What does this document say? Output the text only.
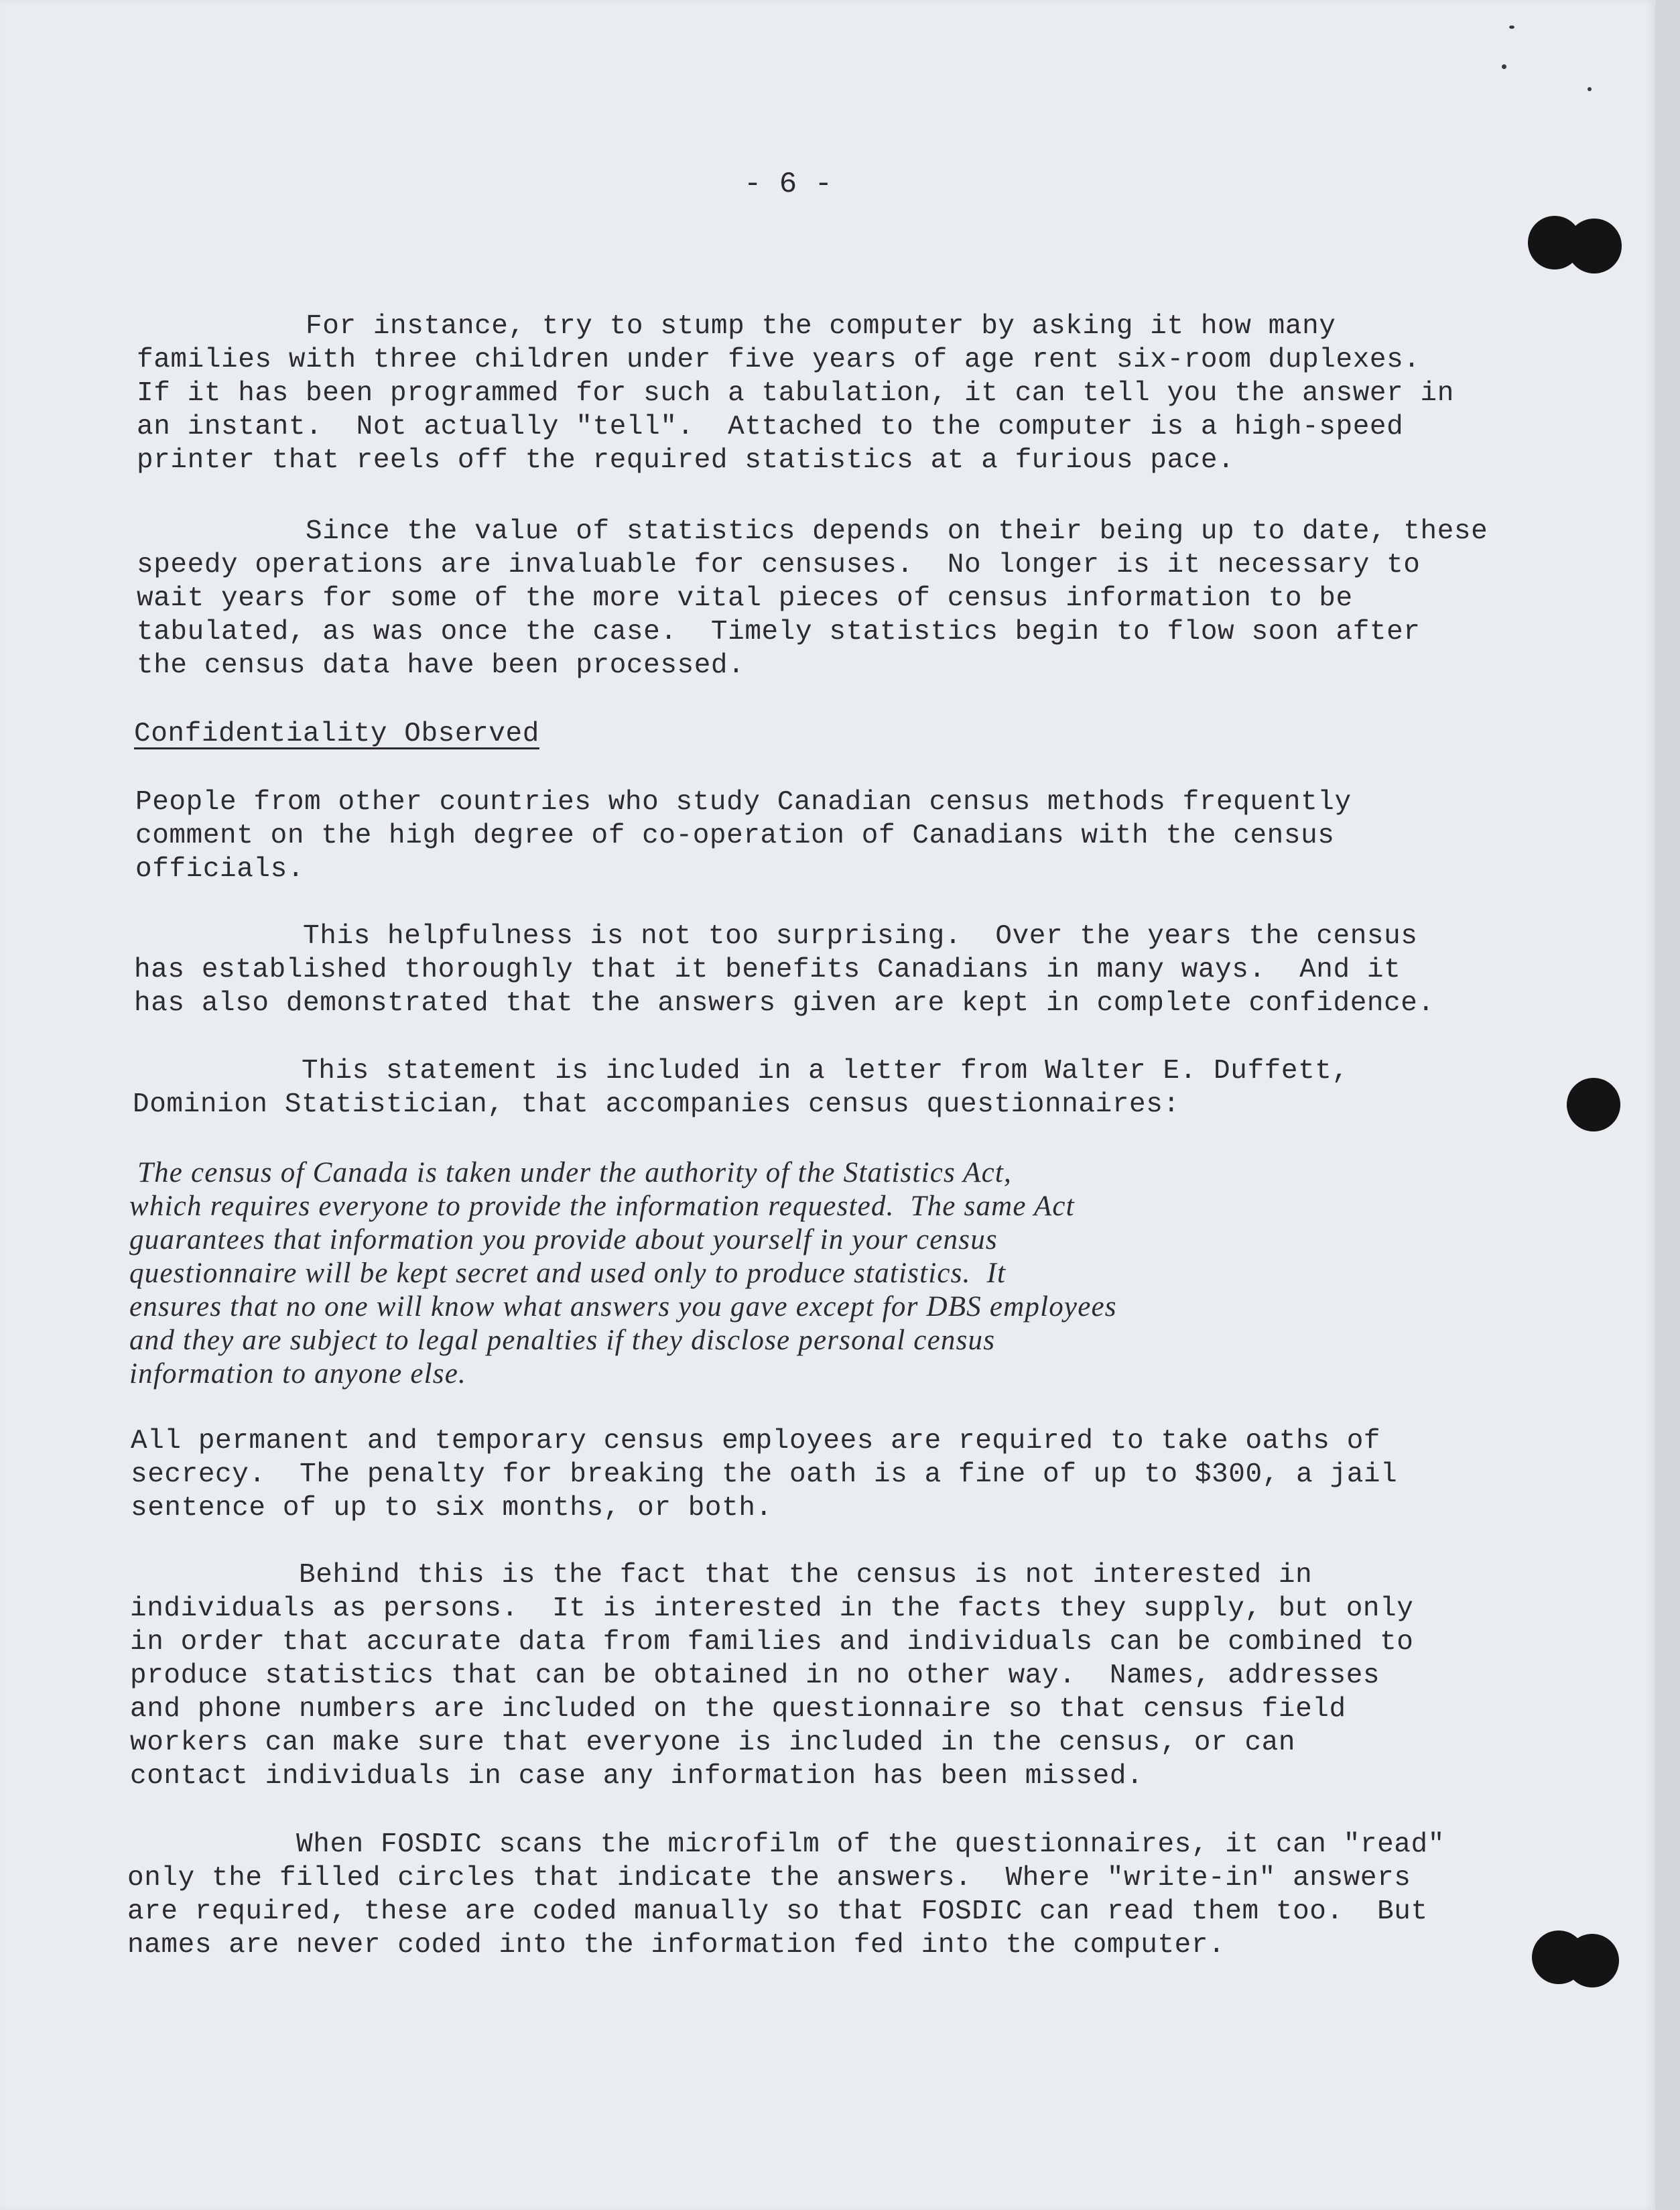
- 6 -

For instance, try to stump the computer by asking it how many
families with three children under five years of age rent six-room duplexes.
If it has been programmed for such a tabulation, it can tell you the answer in
an instant.  Not actually "tell".  Attached to the computer is a high-speed
printer that reels off the required statistics at a furious pace.

Since the value of statistics depends on their being up to date, these
speedy operations are invaluable for censuses.  No longer is it necessary to
wait years for some of the more vital pieces of census information to be
tabulated, as was once the case.  Timely statistics begin to flow soon after
the census data have been processed.

Confidentiality Observed

People from other countries who study Canadian census methods frequently
comment on the high degree of co-operation of Canadians with the census
officials.

This helpfulness is not too surprising.  Over the years the census
has established thoroughly that it benefits Canadians in many ways.  And it
has also demonstrated that the answers given are kept in complete confidence.

This statement is included in a letter from Walter E. Duffett,
Dominion Statistician, that accompanies census questionnaires:

The census of Canada is taken under the authority of the Statistics Act,
which requires everyone to provide the information requested.  The same Act
guarantees that information you provide about yourself in your census
questionnaire will be kept secret and used only to produce statistics.  It
ensures that no one will know what answers you gave except for DBS employees
and they are subject to legal penalties if they disclose personal census
information to anyone else.

All permanent and temporary census employees are required to take oaths of
secrecy.  The penalty for breaking the oath is a fine of up to $300, a jail
sentence of up to six months, or both.

Behind this is the fact that the census is not interested in
individuals as persons.  It is interested in the facts they supply, but only
in order that accurate data from families and individuals can be combined to
produce statistics that can be obtained in no other way.  Names, addresses
and phone numbers are included on the questionnaire so that census field
workers can make sure that everyone is included in the census, or can
contact individuals in case any information has been missed.

When FOSDIC scans the microfilm of the questionnaires, it can "read"
only the filled circles that indicate the answers.  Where "write-in" answers
are required, these are coded manually so that FOSDIC can read them too.  But
names are never coded into the information fed into the computer.
